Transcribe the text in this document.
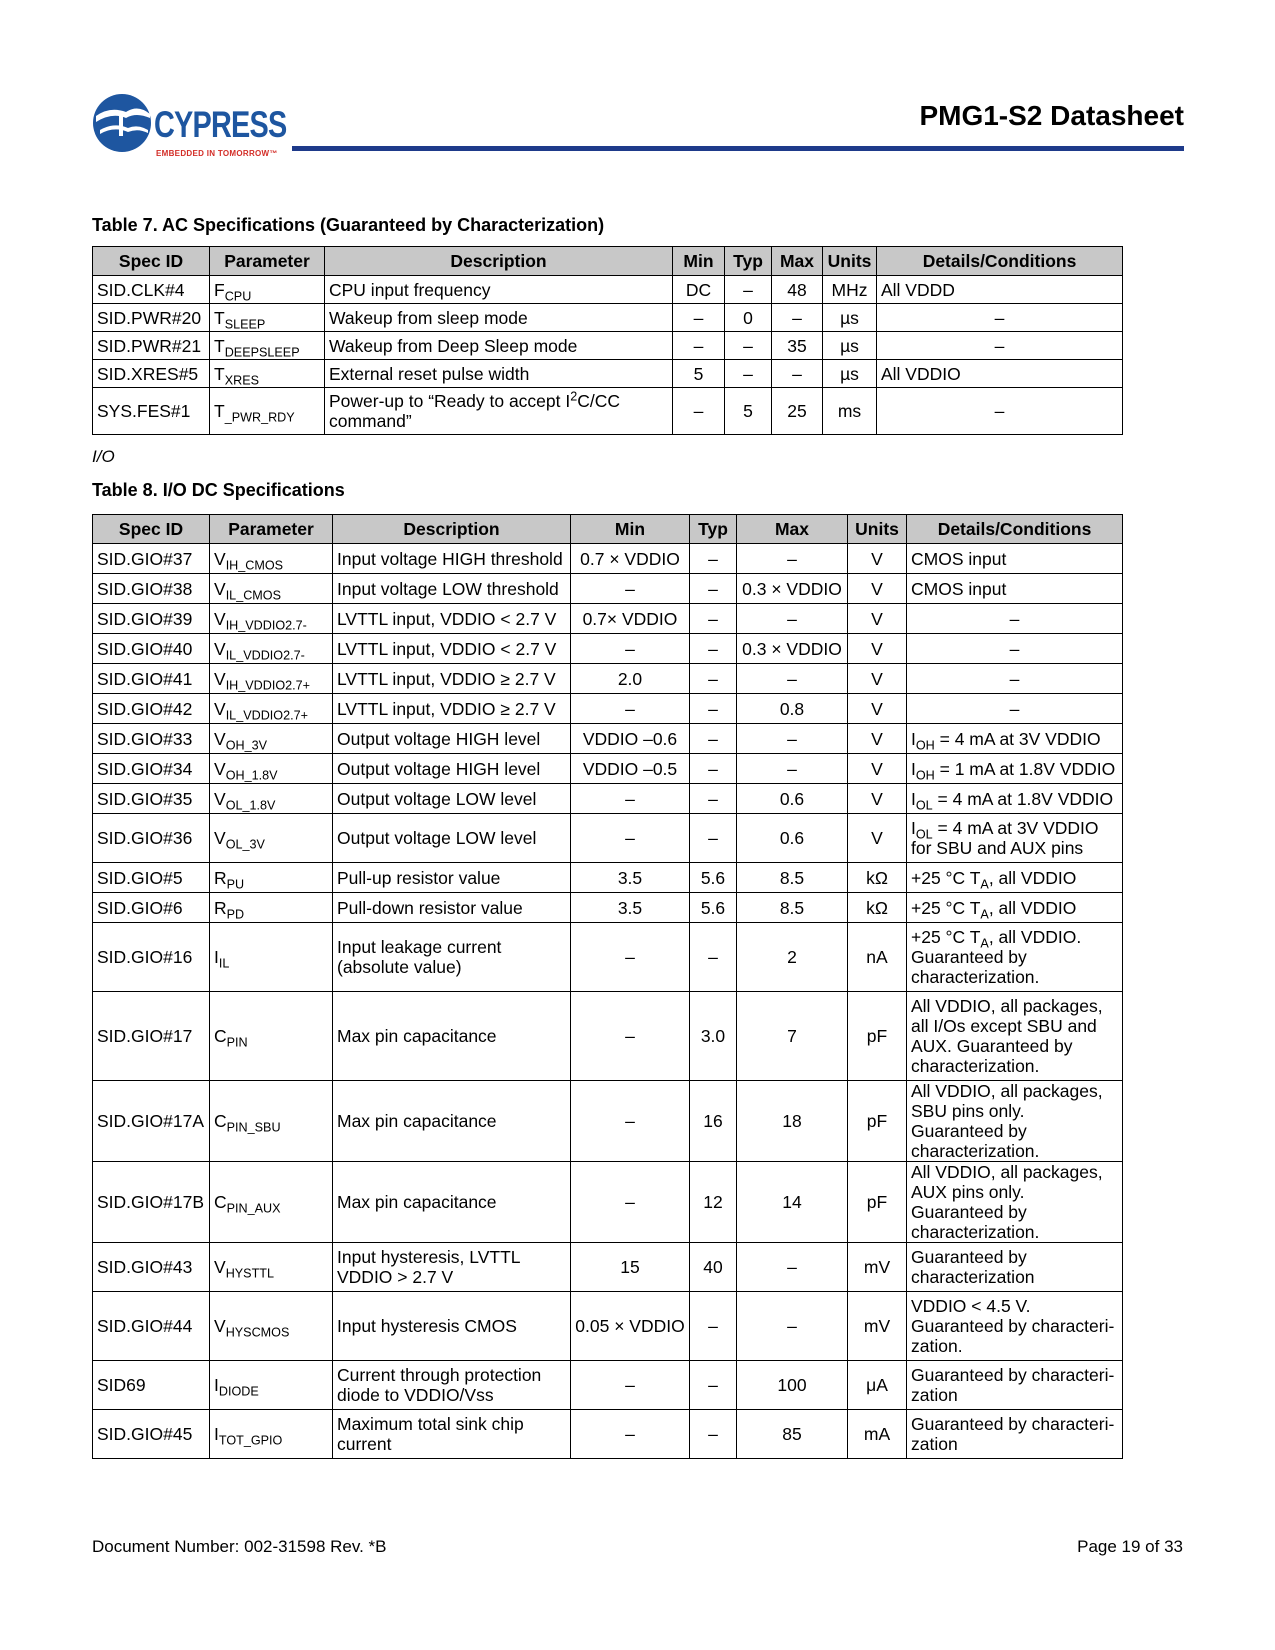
CYPRESS
EMBEDDED IN TOMORROW™
PMG1-S2 Datasheet
Table 7. AC Specifications (Guaranteed by Characterization)
Spec ID	Parameter	Description	Min	Typ	Max	Units	Details/Conditions
SID.CLK#4	$F_{CPU}$	CPU input frequency	DC	–	48	MHz	All VDDD
SID.PWR#20	$T_{SLEEP}$	Wakeup from sleep mode	–	0	–	µs	–
SID.PWR#21	$T_{DEEPSLEEP}$	Wakeup from Deep Sleep mode	–	–	35	µs	–
SID.XRES#5	$T_{XRES}$	External reset pulse width	5	–	–	µs	All VDDIO
SYS.FES#1	$T_{\_PWR\_RDY}$	Power-up to “Ready to accept $I^2C/CC$ command”	–	5	25	ms	–
I/O
Table 8. I/O DC Specifications
Spec ID	Parameter	Description	Min	Typ	Max	Units	Details/Conditions
SID.GIO#37	$V_{IH\_CMOS}$	Input voltage HIGH threshold	0.7 × VDDIO	–	–	V	CMOS input
SID.GIO#38	$V_{IL\_CMOS}$	Input voltage LOW threshold	–	–	0.3 × VDDIO	V	CMOS input
SID.GIO#39	$V_{IH\_VDDIO2.7-}$	LVTTL input, VDDIO < 2.7 V	0.7× VDDIO	–	–	V	–
SID.GIO#40	$V_{IL\_VDDIO2.7-}$	LVTTL input, VDDIO < 2.7 V	–	–	0.3 × VDDIO	V	–
SID.GIO#41	$V_{IH\_VDDIO2.7+}$	LVTTL input, VDDIO ≥ 2.7 V	2.0	–	–	V	–
SID.GIO#42	$V_{IL\_VDDIO2.7+}$	LVTTL input, VDDIO ≥ 2.7 V	–	–	0.8	V	–
SID.GIO#33	$V_{OH\_3V}$	Output voltage HIGH level	VDDIO –0.6	–	–	V	$I_{OH} = 4$ mA at 3V VDDIO
SID.GIO#34	$V_{OH\_1.8V}$	Output voltage HIGH level	VDDIO –0.5	–	–	V	$I_{OH} = 1$ mA at 1.8V VDDIO
SID.GIO#35	$V_{OL\_1.8V}$	Output voltage LOW level	–	–	0.6	V	$I_{OL} = 4$ mA at 1.8V VDDIO
SID.GIO#36	$V_{OL\_3V}$	Output voltage LOW level	–	–	0.6	V	$I_{OL} = 4$ mA at 3V VDDIO for SBU and AUX pins
SID.GIO#5	$R_{PU}$	Pull-up resistor value	3.5	5.6	8.5	kΩ	+25 °C $T_A$, all VDDIO
SID.GIO#6	$R_{PD}$	Pull-down resistor value	3.5	5.6	8.5	kΩ	+25 °C $T_A$, all VDDIO
SID.GIO#16	$I_{IL}$	Input leakage current (absolute value)	–	–	2	nA	+25 °C $T_A$, all VDDIO. Guaranteed by characterization.
SID.GIO#17	$C_{PIN}$	Max pin capacitance	–	3.0	7	pF	All VDDIO, all packages, all I/Os except SBU and AUX. Guaranteed by characterization.
SID.GIO#17A	$C_{PIN\_SBU}$	Max pin capacitance	–	16	18	pF	All VDDIO, all packages, SBU pins only. Guaranteed by characterization.
SID.GIO#17B	$C_{PIN\_AUX}$	Max pin capacitance	–	12	14	pF	All VDDIO, all packages, AUX pins only. Guaranteed by characterization.
SID.GIO#43	$V_{HYSTTL}$	Input hysteresis, LVTTL VDDIO > 2.7 V	15	40	–	mV	Guaranteed by characterization
SID.GIO#44	$V_{HYSCMOS}$	Input hysteresis CMOS	0.05 × VDDIO	–	–	mV	VDDIO < 4.5 V. Guaranteed by characteri-zation.
SID69	$I_{DIODE}$	Current through protection diode to VDDIO/Vss	–	–	100	μA	Guaranteed by characteri-zation
SID.GIO#45	$I_{TOT\_GPIO}$	Maximum total sink chip current	–	–	85	mA	Guaranteed by characteri-zation
Document Number: 002-31598 Rev. *B	Page 19 of 33
